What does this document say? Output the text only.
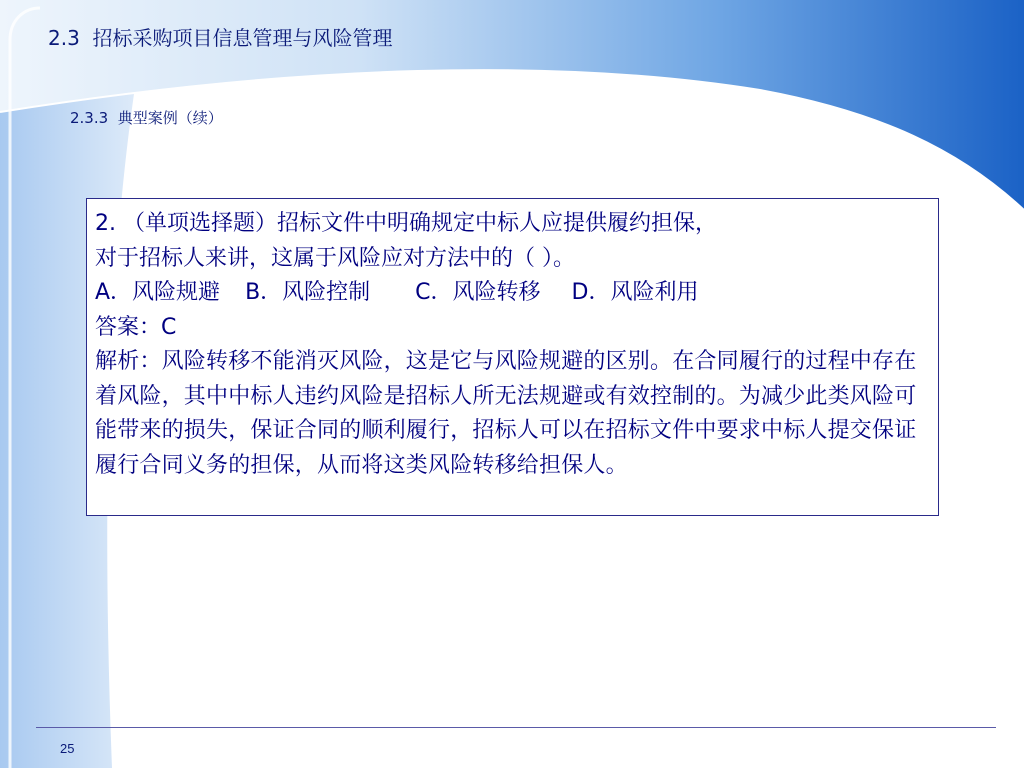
2.3  招标采购项目信息管理与风险管理
2.3.3  典型案例（续）
2. （单项选择题）招标文件中明确规定中标人应提供履约担保，
对于招标人来讲，这属于风险应对方法中的（ ）。
A．风险规避 B．风险控制 C．风险转移 D．风险利用
答案：C
解析：风险转移不能消灭风险，这是它与风险规避的区别。在合同履行的过程中存在着风险，其中中标人违约风险是招标人所无法规避或有效控制的。为减少此类风险可能带来的损失，保证合同的顺利履行，招标人可以在招标文件中要求中标人提交保证履行合同义务的担保，从而将这类风险转移给担保人。
25
